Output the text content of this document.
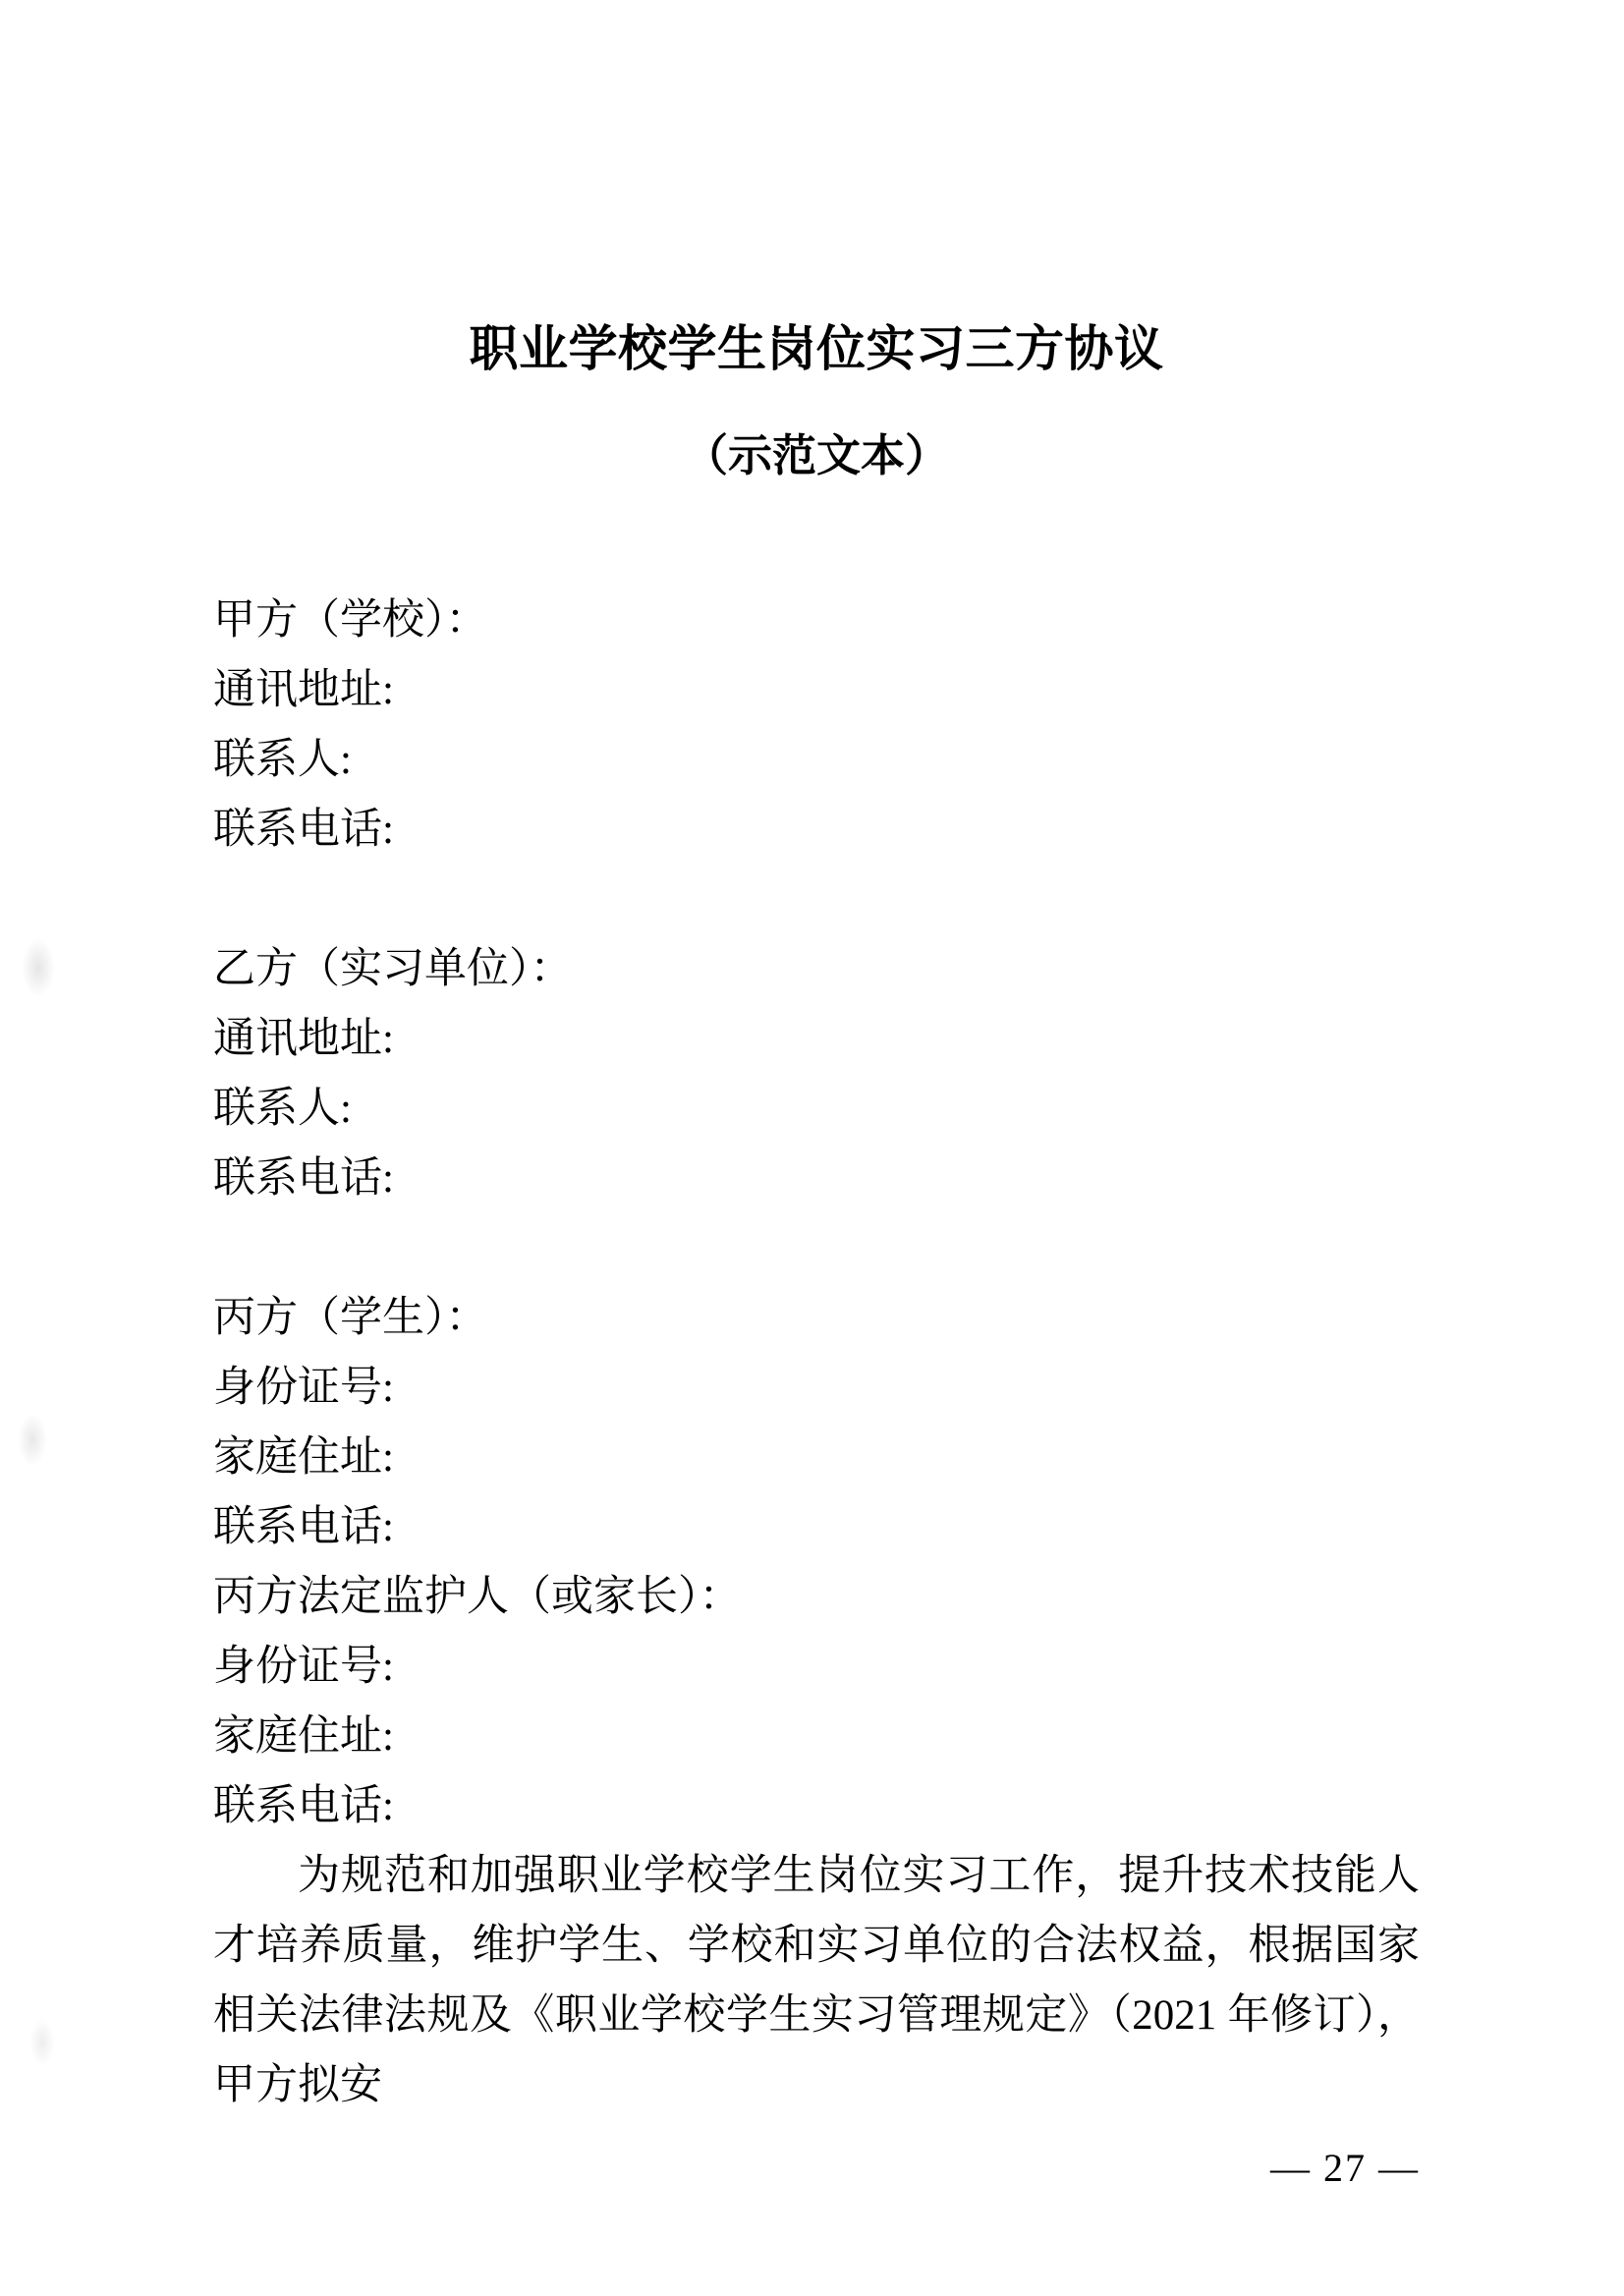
职业学校学生岗位实习三方协议
（示范文本）
甲方（学校）：
通讯地址:
联系人:
联系电话:
乙方（实习单位）：
通讯地址:
联系人:
联系电话:
丙方（学生）：
身份证号:
家庭住址:
联系电话:
丙方法定监护人（或家长）：
身份证号:
家庭住址:
联系电话:

为规范和加强职业学校学生岗位实习工作，提升技术技能人才培养质量，维护学生、学校和实习单位的合法权益，根据国家相关法律法规及《职业学校学生实习管理规定》（2021 年修订），甲方拟安

— 27 —
